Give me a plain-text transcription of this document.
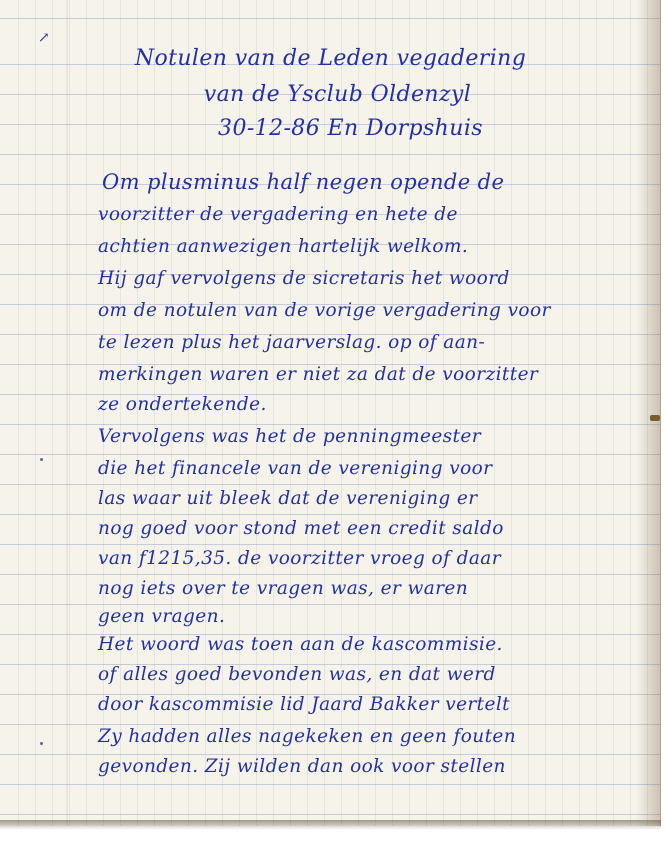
↗
Notulen van de Leden vegadering
van de Ysclub Oldenzyl
30-12-86 En Dorpshuis
Om plusminus half negen opende de
voorzitter de vergadering en hete de
achtien aanwezigen hartelijk welkom.
Hij gaf vervolgens de sicretaris het woord
om de notulen van de vorige vergadering voor
te lezen plus het jaarverslag. op of aan-
merkingen waren er niet za dat de voorzitter
ze ondertekende.
Vervolgens was het de penningmeester
die het financele van de vereniging voor
las waar uit bleek dat de vereniging er
nog goed voor stond met een credit saldo
van f1215,35. de voorzitter vroeg of daar
nog iets over te vragen was, er waren
geen vragen.
Het woord was toen aan de kascommisie.
of alles goed bevonden was, en dat werd
door kascommisie lid Jaard Bakker vertelt
Zy hadden alles nagekeken en geen fouten
gevonden. Zij wilden dan ook voor stellen
